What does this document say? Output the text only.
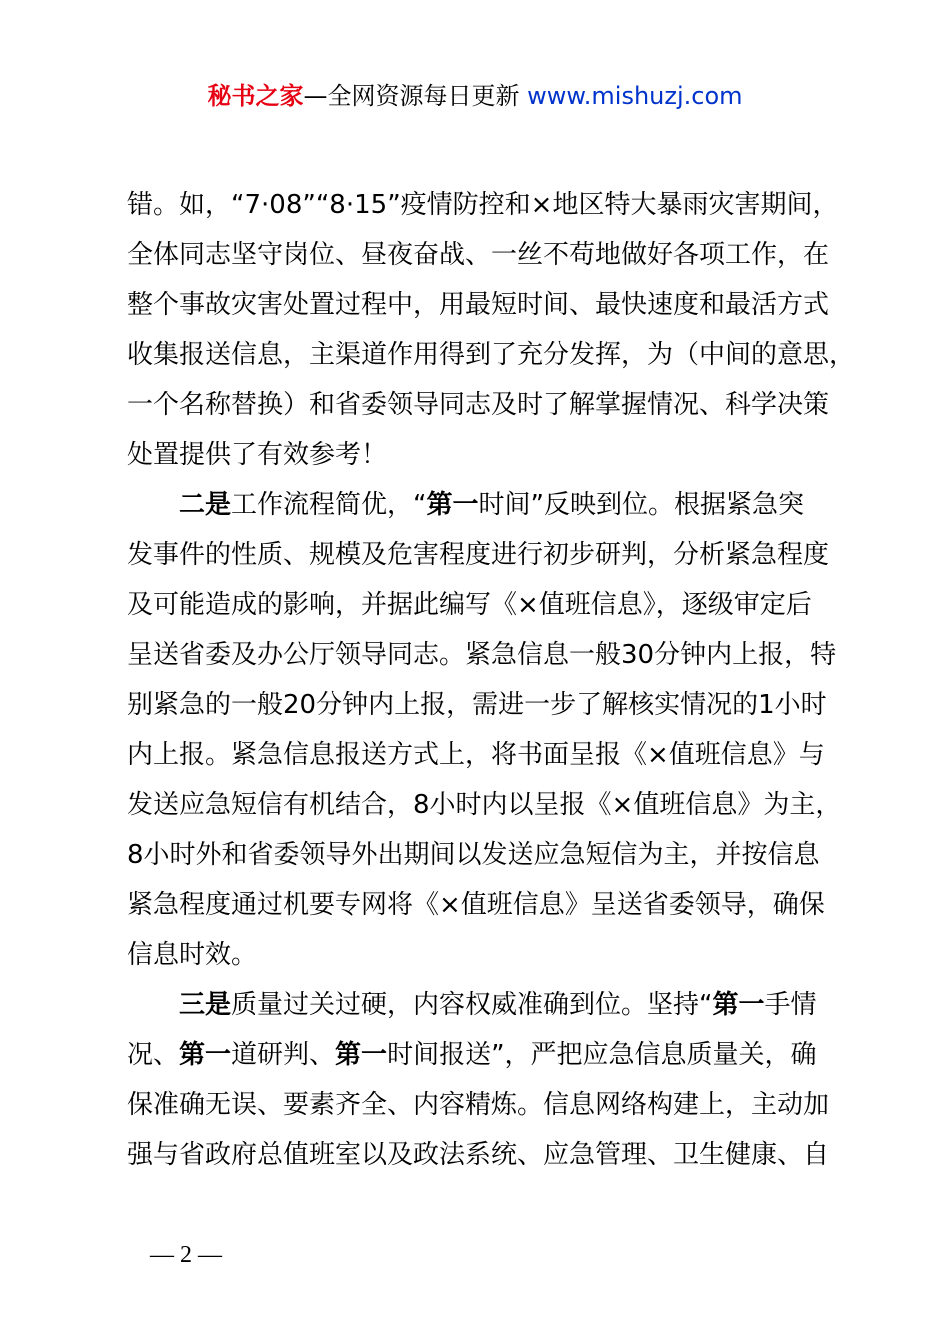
秘书之家—全网资源每日更新 www.mishuzj.com
错。如，“7·08”“8·15”疫情防控和×地区特大暴雨灾害期间，
全体同志坚守岗位、昼夜奋战、一丝不苟地做好各项工作，在
整个事故灾害处置过程中，用最短时间、最快速度和最活方式
收集报送信息，主渠道作用得到了充分发挥，为（中间的意思，
一个名称替换）和省委领导同志及时了解掌握情况、科学决策
处置提供了有效参考！
二是工作流程简优，“第一时间”反映到位。根据紧急突
发事件的性质、规模及危害程度进行初步研判，分析紧急程度
及可能造成的影响，并据此编写《×值班信息》，逐级审定后
呈送省委及办公厅领导同志。紧急信息一般30分钟内上报，特
别紧急的一般20分钟内上报，需进一步了解核实情况的1小时
内上报。紧急信息报送方式上，将书面呈报《×值班信息》与
发送应急短信有机结合，8小时内以呈报《×值班信息》为主，
8小时外和省委领导外出期间以发送应急短信为主，并按信息
紧急程度通过机要专网将《×值班信息》呈送省委领导，确保
信息时效。
三是质量过关过硬，内容权威准确到位。坚持“第一手情
况、第一道研判、第一时间报送”，严把应急信息质量关，确
保准确无误、要素齐全、内容精炼。信息网络构建上，主动加
强与省政府总值班室以及政法系统、应急管理、卫生健康、自
— 2 —
